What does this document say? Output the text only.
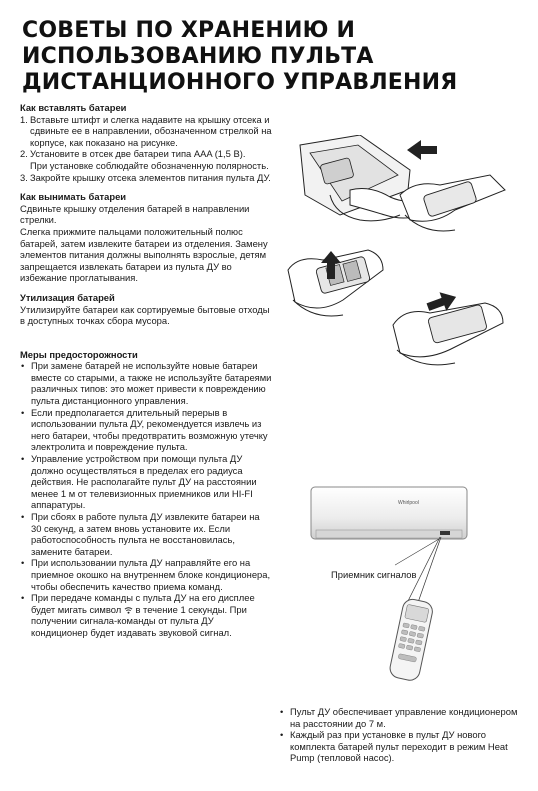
СОВЕТЫ ПО ХРАНЕНИЮ И
ИСПОЛЬЗОВАНИЮ ПУЛЬТА
ДИСТАНЦИОННОГО УПРАВЛЕНИЯ

Как вставлять батареи

1. Вставьте штифт и слегка надавите на крышку отсека и сдвиньте ее в направлении, обозначенном стрелкой на корпусе, как показано на рисунке.
2. Установите в отсек две батареи типа AAA (1,5 В).
При установке соблюдайте обозначенную полярность.
3. Закройте крышку отсека элементов питания пульта ДУ.

Как вынимать батареи

Сдвиньте крышку отделения батарей в направлении стрелки.

Слегка прижмите пальцами положительный полюс батарей, затем извлеките батареи из отделения. Замену элементов питания должны выполнять взрослые, детям запрещается извлекать батареи из пульта ДУ во избежание проглатывания.

Утилизация батарей

Утилизируйте батареи как сортируемые бытовые отходы в доступных точках сбора мусора.

Меры предосторожности

• При замене батарей не используйте новые батареи вместе со старыми, а также не используйте батареями различных типов: это может привести к повреждению пульта дистанционного управления.
• Если предполагается длительный перерыв в использовании пульта ДУ, рекомендуется извлечь из него батареи, чтобы предотвратить возможную утечку электролита и повреждение пульта.
• Управление устройством при помощи пульта ДУ должно осуществляться в пределах его радиуса действия. Не располагайте пульт ДУ на расстоянии менее 1 м от телевизионных приемников или HI-FI аппаратуры.
• При сбоях в работе пульта ДУ извлеките батареи на 30 секунд, а затем вновь установите их. Если работоспособность пульта не восстановилась, замените батареи.
• При использовании пульта ДУ направляйте его на приемное окошко на внутреннем блоке кондиционера, чтобы обеспечить качество приема команд.
• При передаче команды с пульта ДУ на его дисплее будет мигать символ в течение 1 секунды. При получении сигнала-команды от пульта ДУ кондиционер будет издавать звуковой сигнал.
Whirlpool
Приемник сигналов
• Пульт ДУ обеспечивает управление кондиционером на расстоянии до 7 м.
• Каждый раз при установке в пульт ДУ нового комплекта батарей пульт переходит в режим Heat Pump (тепловой насос).
